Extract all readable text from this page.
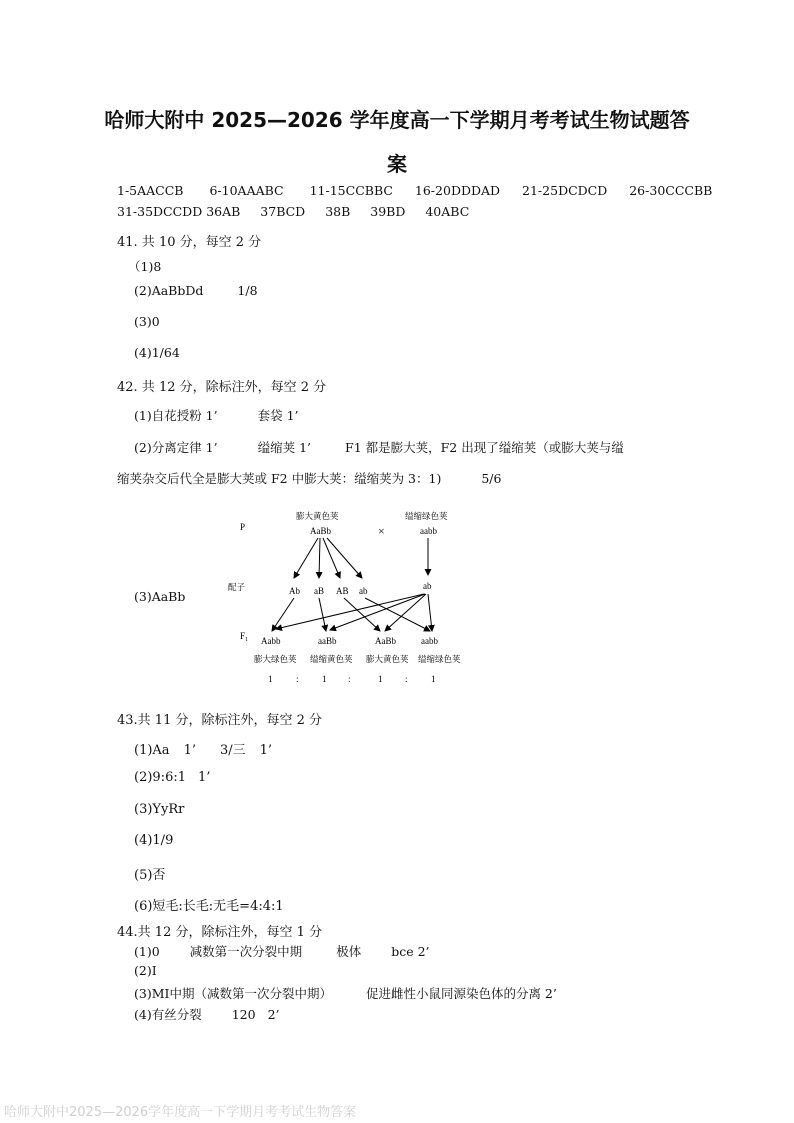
哈师大附中 2025—2026 学年度高一下学期月考考试生物试题答
案
1-5AACCB 6-10AAABC 11-15CCBBC 16-20DDDAD 21-25DCDCD 26-30CCCBB
31-35DCCDD 36AB 37BCD 38B 39BD 40ABC
41. 共 10 分，每空 2 分
（1)8
(2)AaBbDd	1/8
(3)0
(4)1/64
42. 共 12 分，除标注外，每空 2 分
(1)自花授粉 1’	套袋 1’
(2)分离定律 1’	缢缩荚 1’	F1 都是膨大荚，F2 出现了缢缩荚（或膨大荚与缢
缩荚杂交后代全是膨大荚或 F2 中膨大荚：缢缩荚为 3：1)	5/6
(3)AaBb
P
膨大黄色荚
AaBb	×
缢缩绿色荚
aabb
配子	Ab aB AB ab	ab
$F_1$ Aabb	aaBb	AaBb	aabb
膨大绿色荚 缢缩黄色荚 膨大黄色荚 缢缩绿色荚
1	:	1 :	1	:	1
43.共 11 分，除标注外，每空 2 分
(1)Aa 1’ 3/三 1’
(2)9:6:1 1’
(3)YyRr
(4)1/9
(5)否
(6)短毛:长毛:无毛=4:4:1
44.共 12 分，除标注外，每空 1 分
(1)0 减数第一次分裂中期	极体 bce 2’
(2)Ⅰ
(3)MⅠ中期（减数第一次分裂中期）	促进雌性小鼠同源染色体的分离 2’
(4)有丝分裂 120 2’
哈师大附中2025—2026学年度高一下学期月考考试生物答案
